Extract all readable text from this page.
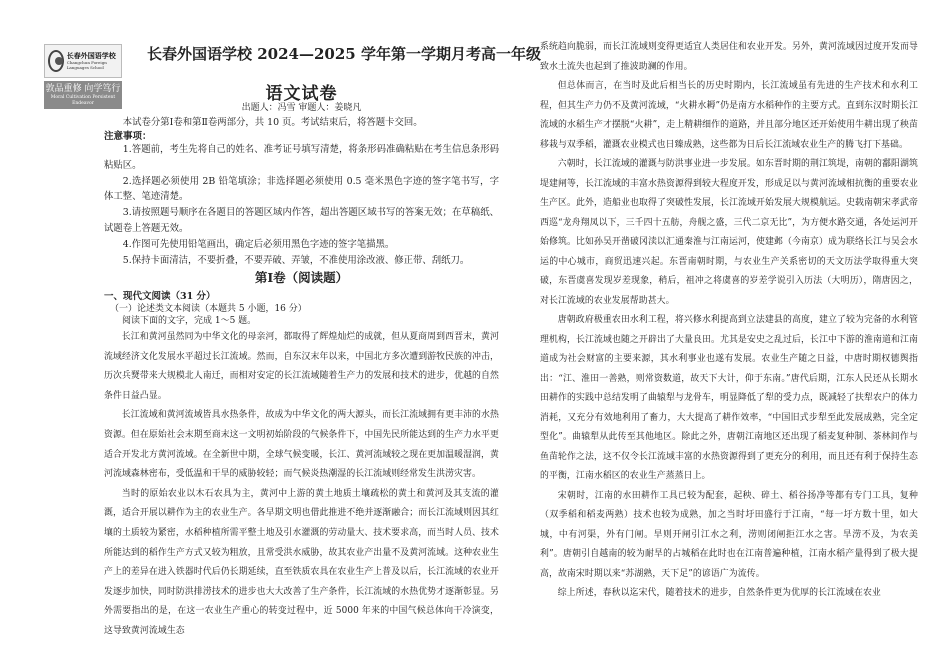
长春外国语学校
Changchun Foreign Languages School
敦品重修 向学笃行
Moral Cultivation Persistent Endeavor
长春外国语学校 2024—2025 学年第一学期月考高一年级
语文试卷
出题人：冯雪 审题人：姜晓凡
本试卷分第Ⅰ卷和第Ⅱ卷两部分，共 10 页。考试结束后，将答题卡交回。
注意事项：

1.答题前，考生先将自己的姓名、准考证号填写清楚，将条形码准确粘贴在考生信息条形码粘贴区。

2.选择题必须使用 2B 铅笔填涂；非选择题必须使用 0.5 毫米黑色字迹的签字笔书写，字体工整、笔迹清楚。

3.请按照题号顺序在各题目的答题区域内作答，超出答题区域书写的答案无效；在草稿纸、试题卷上答题无效。

4.作图可先使用铅笔画出，确定后必须用黑色字迹的签字笔描黑。

5.保持卡面清洁，不要折叠，不要弄破、弄皱，不准使用涂改液、修正带、刮纸刀。

第Ⅰ卷（阅读题）
一、现代文阅读（31 分）
（一）论述类文本阅读（本题共 5 小题，16 分）
阅读下面的文字，完成 1～5 题。

长江和黄河虽然同为中华文化的母亲河，都取得了辉煌灿烂的成就，但从夏商周到西晋末，黄河流域经济文化发展水平超过长江流域。然而，自东汉末年以来，中国北方多次遭到游牧民族的冲击，历次兵燹带来大规模北人南迁，而相对安定的长江流域随着生产力的发展和技术的进步，优越的自然条件日益凸显。

长江流域和黄河流域皆具水热条件，故成为中华文化的两大源头，而长江流域拥有更丰沛的水热资源。但在原始社会末期至商末这一文明初始阶段的气候条件下，中国先民所能达到的生产力水平更适合开发北方黄河流域。在全新世中期，全球气候变暖，长江、黄河流域较之现在更加温暖湿润，黄河流域森林密布，受低温和干旱的威胁较轻；而气候炎热潮湿的长江流域则经常发生洪涝灾害。

当时的原始农业以木石农具为主，黄河中上游的黄土地质土壤疏松的黄土和黄河及其支流的灌溉，适合开展以耕作为主的农业生产。各早期文明也借此推进不绝并逐渐融合；而长江流域则因其红壤的土质较为紧密，水稻种植所需平整土地及引水灌溉的劳动量大、技术要求高，而当时人员、技术所能达到的稻作生产方式又较为粗放，且常受洪水威胁，故其农业产出量不及黄河流域。这种农业生产上的差异在进入铁器时代后仍长期延续，直至铁质农具在农业生产上普及以后，长江流域的农业开发逐步加快，同时防洪排涝技术的进步也大大改善了生产条件，长江流域的水热优势才逐渐彰显。另外需要指出的是，在这一农业生产重心的转变过程中，近 5000 年来的中国气候总体向干冷演变，这导致黄河流域生态

系统趋向脆弱，而长江流域则变得更适宜人类居住和农业开发。另外，黄河流域因过度开发而导致水土流失也起到了推波助澜的作用。

但总体而言，在当时及此后相当长的历史时期内，长江流域虽有先进的生产技术和水利工程，但其生产力仍不及黄河流域，“火耕水耨”仍是南方水稻种作的主要方式。直到东汉时期长江流域的水稻生产才摆脱“火耕”，走上精耕细作的道路，并且部分地区还开始使用牛耕出现了秧苗移栽与双季稻，灌溉农业模式也日臻成熟，这些都为日后长江流域农业生产的腾飞打下基础。

六朝时，长江流域的灌溉与防洪事业进一步发展。如东晋时期的荆江筑堤，南朝的鄱阳湖筑堤建闸等，长江流域的丰富水热资源得到较大程度开发，形成足以与黄河流域相抗衡的重要农业生产区。此外，造船业也取得了突破性发展，长江流域开始发展大规模航运。史载南朝宋孝武帝西巡“龙舟翔凤以下，三千四十五舫，舟舰之盛，三代二京无比”，为方便水路交通，各处运河开始修筑。比如孙吴开凿破冈渎以汇通秦淮与江南运河，使建邺（今南京）成为联络长江与吴会水运的中心城市，商贸迅速兴起。东晋南朝时期，与农业生产关系密切的天文历法学取得重大突破，东晋虞喜发现岁差现象，稍后，祖冲之将虞喜的岁差学说引入历法（大明历），隋唐因之，对长江流域的农业发展帮助甚大。

唐朝政府极重农田水利工程，将兴修水利提高到立法建县的高度，建立了较为完备的水利管理机构，长江流域也随之开辟出了大量良田。尤其是安史之乱过后，长江中下游的淮南道和江南道成为社会财富的主要来源，其水利事业也遂有发展。农业生产随之日益，中唐时期权德舆指出：“江、淮田一善熟，则常资数道，故天下大计，仰于东南。”唐代后期，江东人民还从长期水田耕作的实践中总结发明了曲辕犁与龙骨车，明显降低了犁的受力点，既减轻了扶犁农户的体力消耗，又充分有效地利用了畜力，大大提高了耕作效率，“中国旧式步犁至此发展成熟，完全定型化”。曲辕犁从此传至其他地区。除此之外，唐朝江南地区还出现了稻麦复种制、茶林间作与鱼苗轮作之法，这不仅令长江流域丰富的水热资源得到了更充分的利用，而且还有利于保持生态的平衡，江南水稻区的农业生产蒸蒸日上。

宋朝时，江南的水田耕作工具已较为配套，起秧、碎土、稻谷扬净等都有专门工具，复种（双季稻和稻麦两熟）技术也较为成熟，加之当时圩田盛行于江南，“每一圩方数十里，如大城，中有河渠，外有门闸。旱则开闸引江水之利，涝则闭闸拒江水之害。旱涝不及，为农美利”。唐朝引自越南的较为耐旱的占城稻在此时也在江南普遍种植，江南水稻产量得到了极大提高，故南宋时期以来“苏湖熟，天下足”的谚语广为流传。

综上所述，春秋以迄宋代，随着技术的进步，自然条件更为优厚的长江流域在农业
